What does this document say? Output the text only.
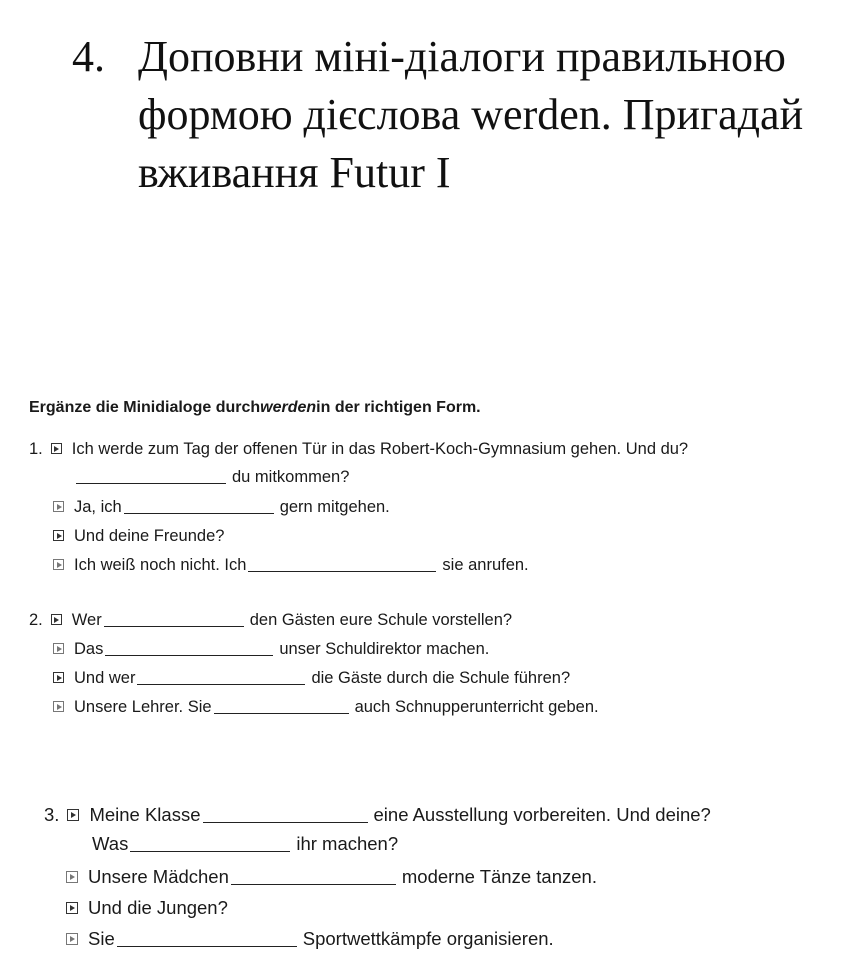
4. Доповни міні-діалоги правильною формою дієслова werden. Пригадай вживання Futur I
Ergänze die Minidialoge durchwerdenin der richtigen Form.
1. Ich werde zum Tag der offenen Tür in das Robert-Koch-Gymnasium gehen. Und du?
du mitkommen?
Ja, ich	gern mitgehen.
Und deine Freunde?
Ich weiß noch nicht. Ich	sie anrufen.
2. Wer	den Gästen eure Schule vorstellen?
Das	unser Schuldirektor machen.
Und wer	die Gäste durch die Schule führen?
Unsere Lehrer. Sie	auch Schnupperunterricht geben.
3. Meine Klasse	eine Ausstellung vorbereiten. Und deine?
Was	ihr machen?
Unsere Mädchen	moderne Tänze tanzen.
Und die Jungen?
Sie	Sportwettkämpfe organisieren.
